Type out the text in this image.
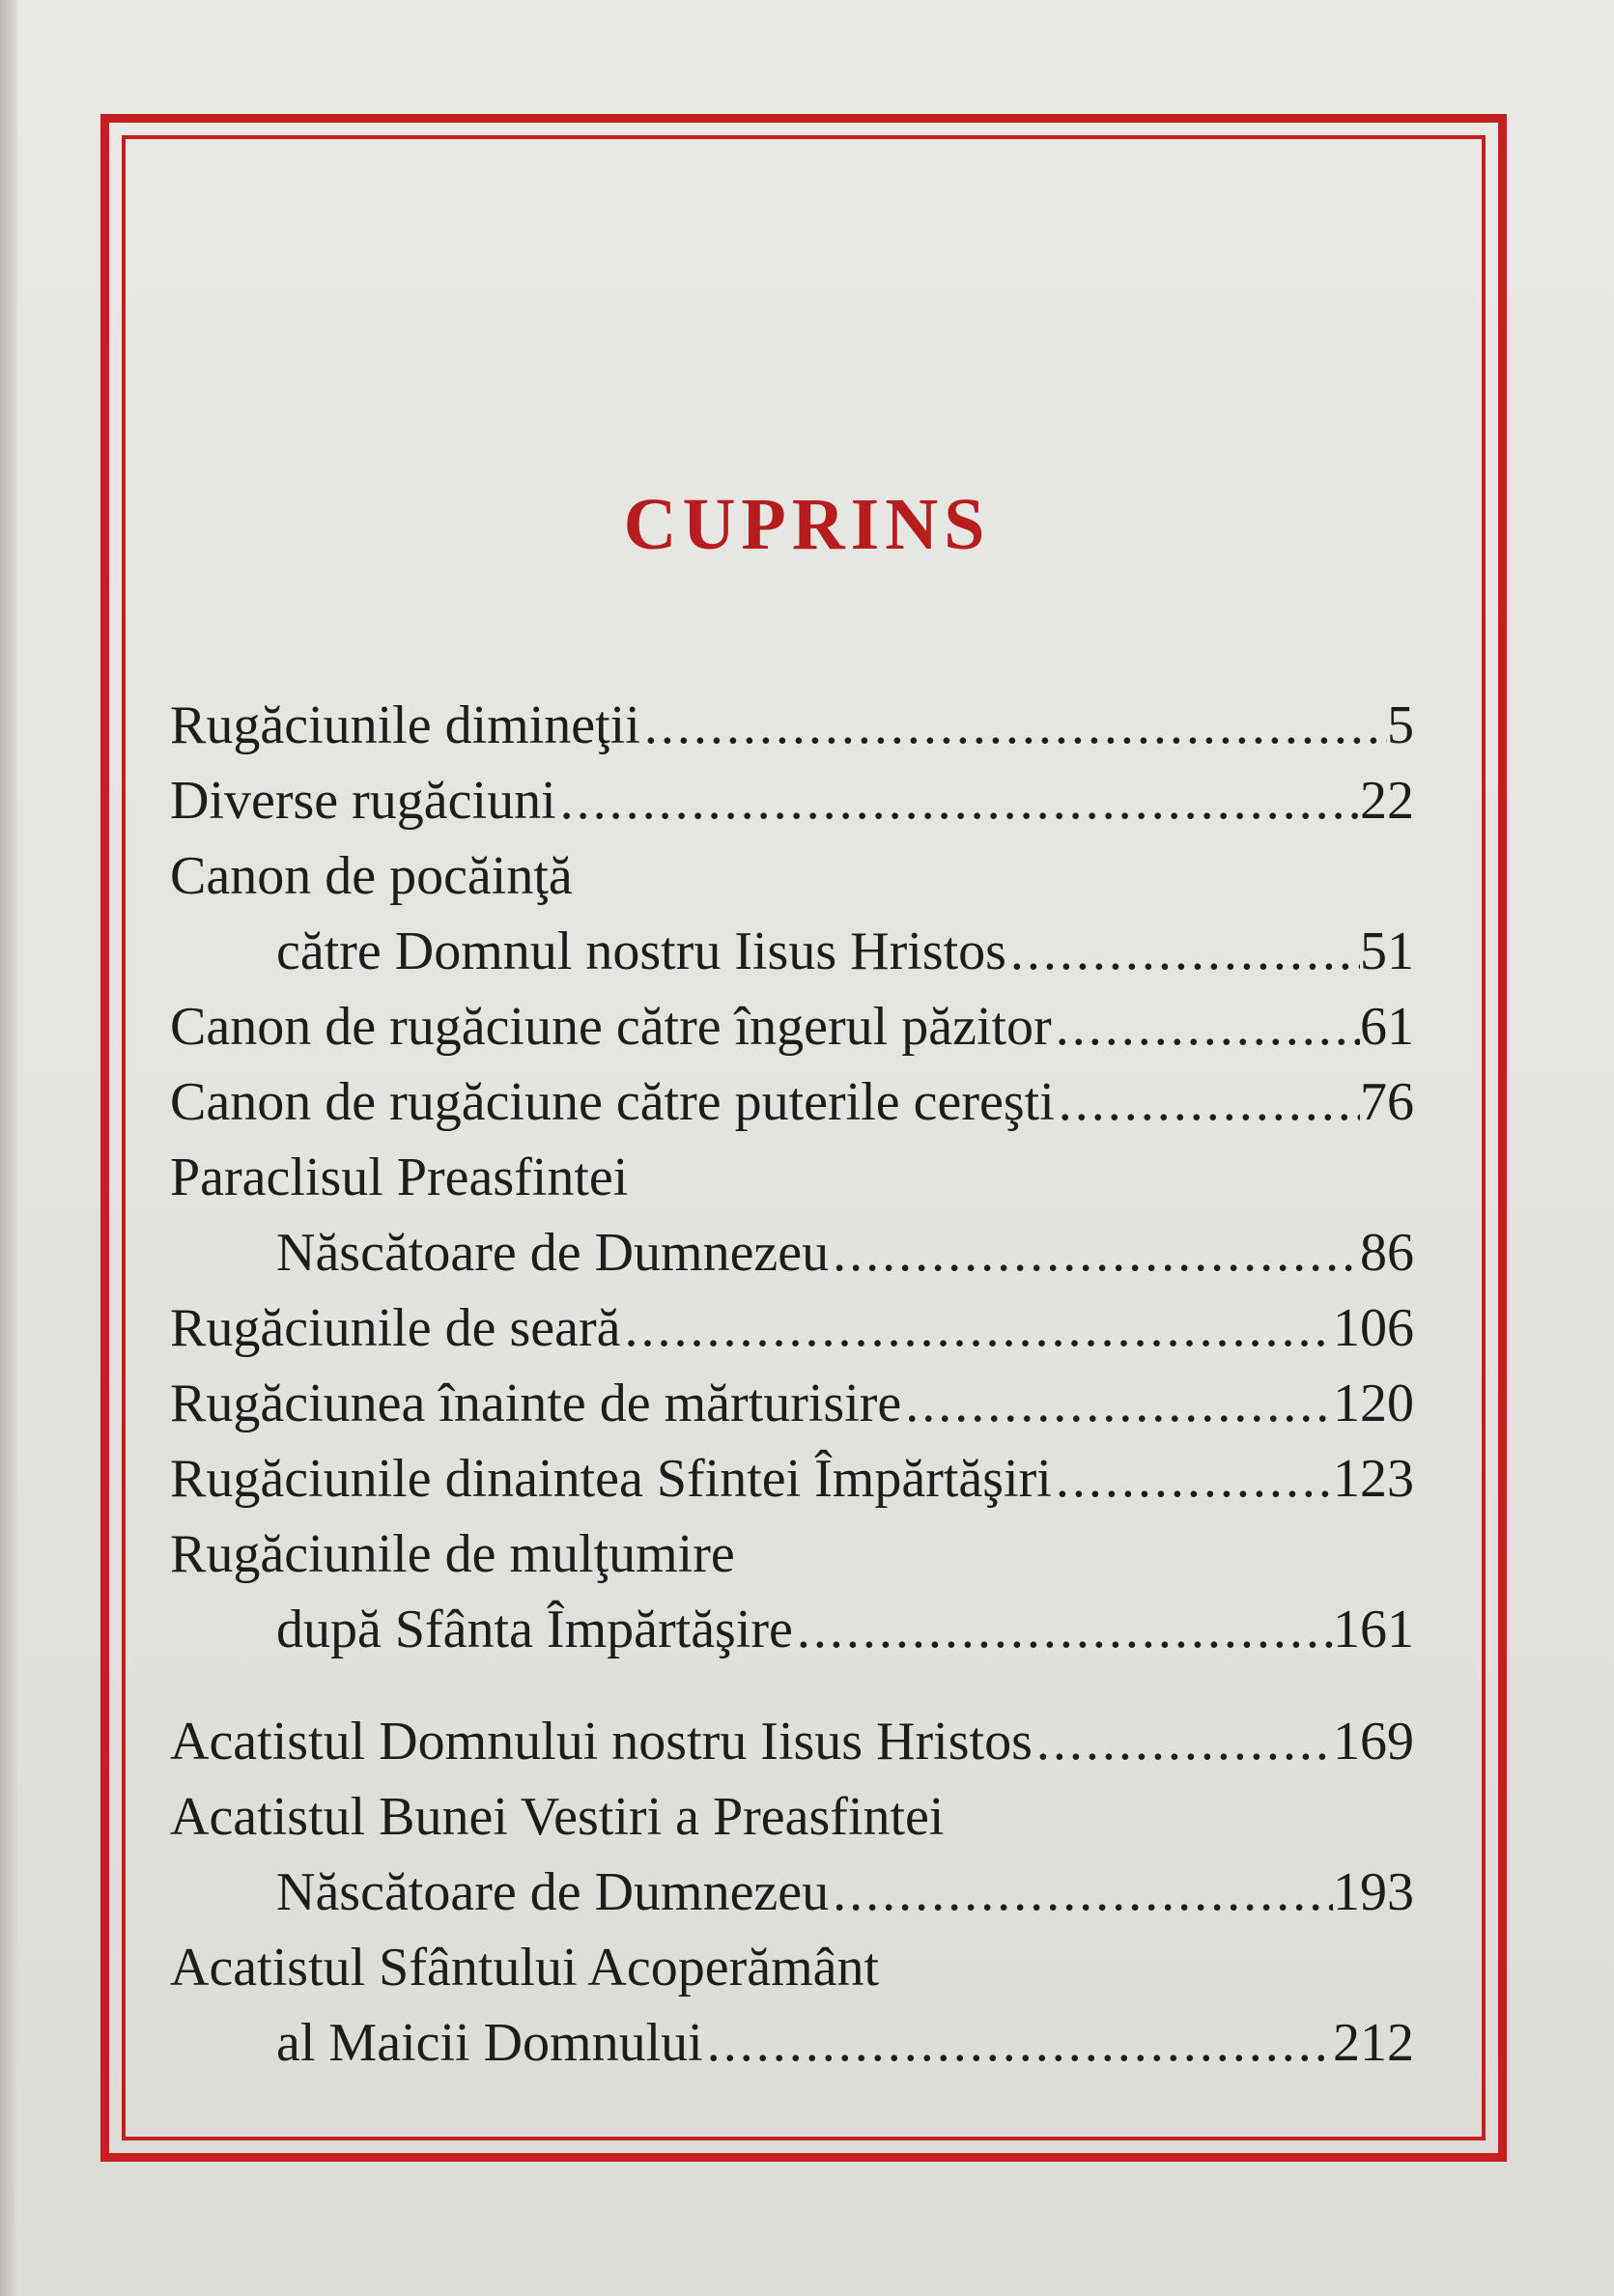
CUPRINS
Rugăciunile dimineţii .....	5
Diverse rugăciuni .....	22
Canon de pocăinţă
către Domnul nostru Iisus Hristos .....	51
Canon de rugăciune către îngerul păzitor .....	61
Canon de rugăciune către puterile cereşti .....	76
Paraclisul Preasfintei
Născătoare de Dumnezeu .....	86
Rugăciunile de seară .....	106
Rugăciunea înainte de mărturisire .....	120
Rugăciunile dinaintea Sfintei Împărtăşiri .....	123
Rugăciunile de mulţumire
după Sfânta Împărtăşire .....	161
Acatistul Domnului nostru Iisus Hristos .....	169
Acatistul Bunei Vestiri a Preasfintei
Născătoare de Dumnezeu .....	193
Acatistul Sfântului Acoperământ
al Maicii Domnului .....	212
